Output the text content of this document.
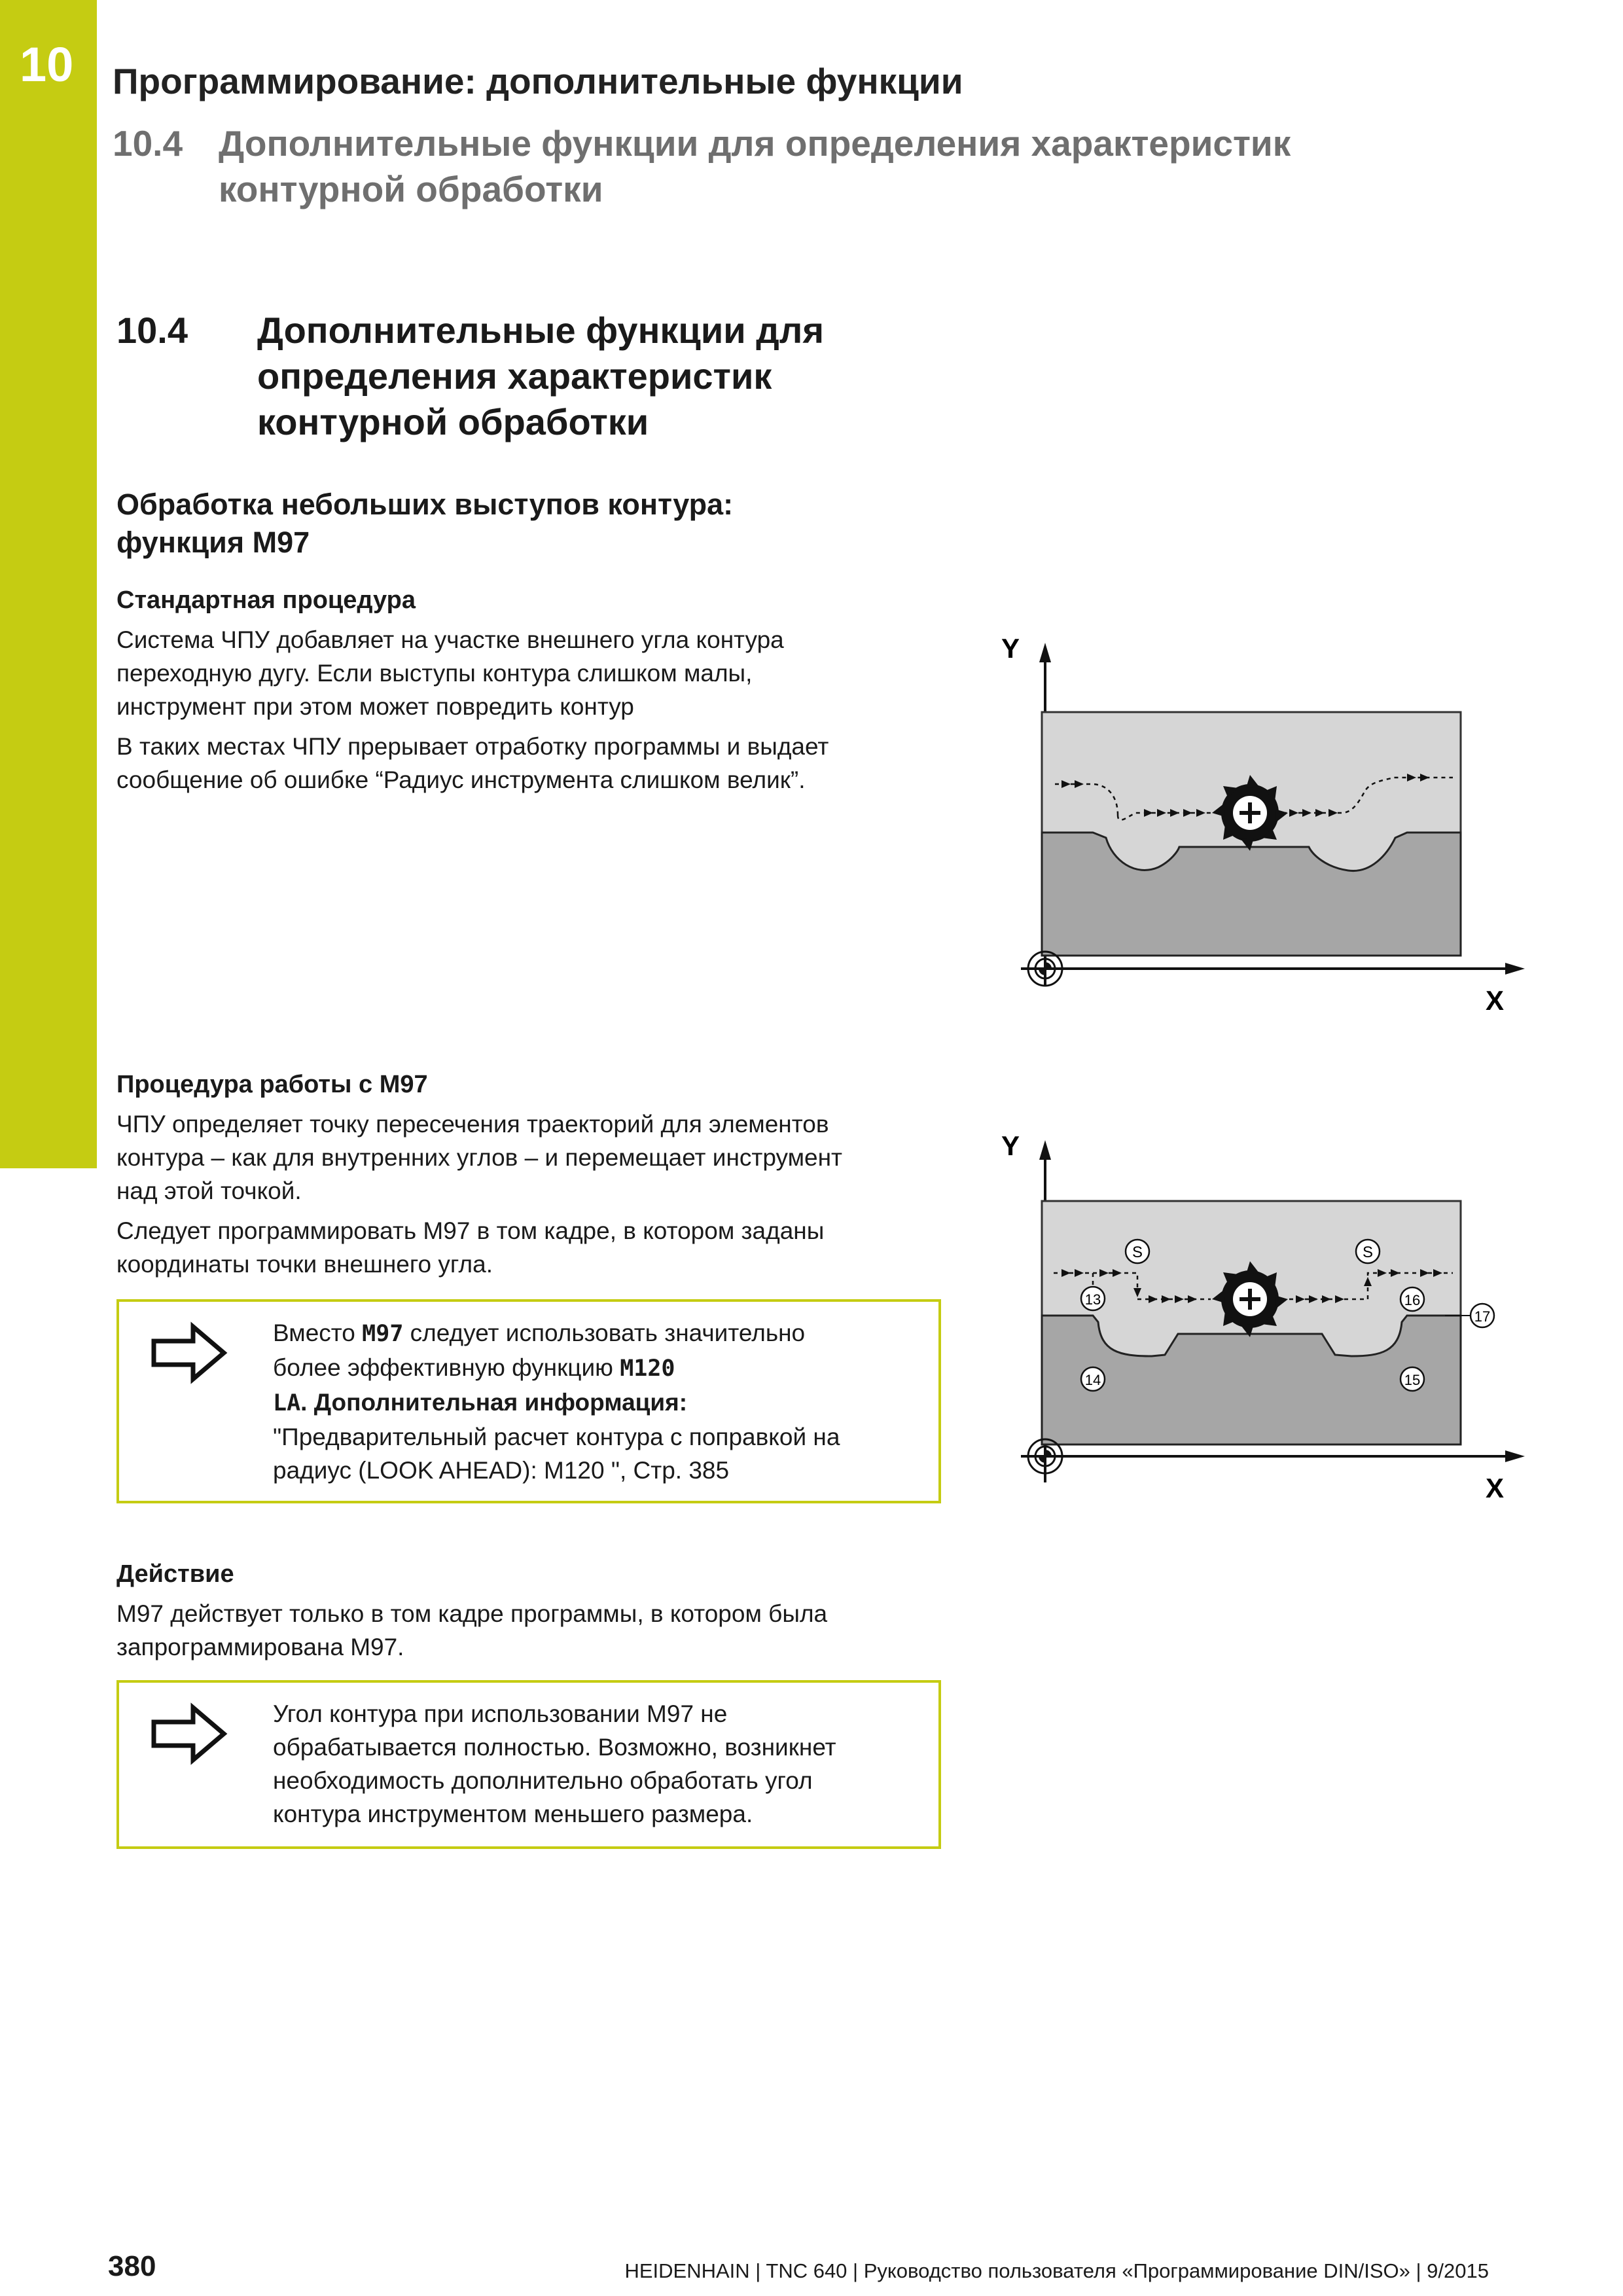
10 Программирование: дополнительные функции
10.4 Дополнительные функции для определения характеристик контурной обработки
10.4 Дополнительные функции для
определения характеристик
контурной обработки
Обработка небольших выступов контура:
функция M97
Стандартная процедура
Система ЧПУ добавляет на участке внешнего угла контура
переходную дугу. Если выступы контура слишком малы,
инструмент при этом может повредить контур
В таких местах ЧПУ прерывает отработку программы и выдает
сообщение об ошибке “Радиус инструмента слишком велик”.
Y
X
Процедура работы с M97
ЧПУ определяет точку пересечения траекторий для элементов
контура – как для внутренних углов – и перемещает инструмент
над этой точкой.
Следует программировать M97 в том кадре, в котором заданы
координаты точки внешнего угла.
Вместо M97 следует использовать значительно
более эффективную функцию M120
LA. Дополнительная информация:
"Предварительный расчет контура с поправкой на
радиус (LOOK AHEAD): M120 ", Стр. 385
Y
X
S	S
13
14	15
16
17
Действие
M97 действует только в том кадре программы, в котором была
запрограммирована M97.
Угол контура при использовании M97 не
обрабатывается полностью. Возможно, возникнет
необходимость дополнительно обработать угол
контура инструментом меньшего размера.
380	HEIDENHAIN | TNC 640 | Руководство пользователя «Программирование DIN/ISO» | 9/2015
